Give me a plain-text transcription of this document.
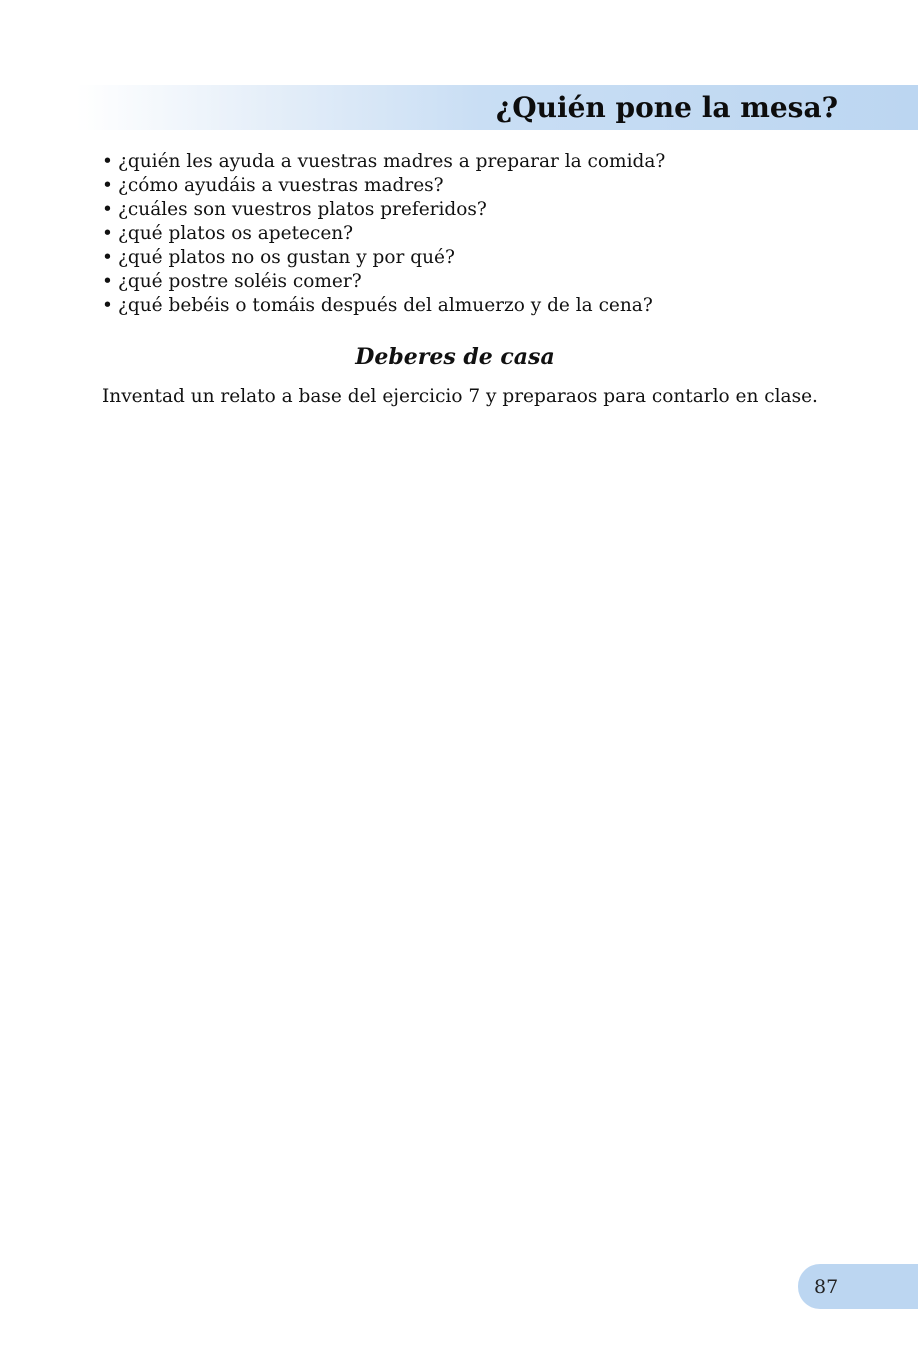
¿Quién pone la mesa?
• ¿quién les ayuda a vuestras madres a preparar la comida?
• ¿cómo ayudáis a vuestras madres?
• ¿cuáles son vuestros platos preferidos?
• ¿qué platos os apetecen?
• ¿qué platos no os gustan y por qué?
• ¿qué postre soléis comer?
• ¿qué bebéis o tomáis después del almuerzo y de la cena?
Deberes de casa

Inventad un relato a base del ejercicio 7 y preparaos para contarlo en clase.

87
